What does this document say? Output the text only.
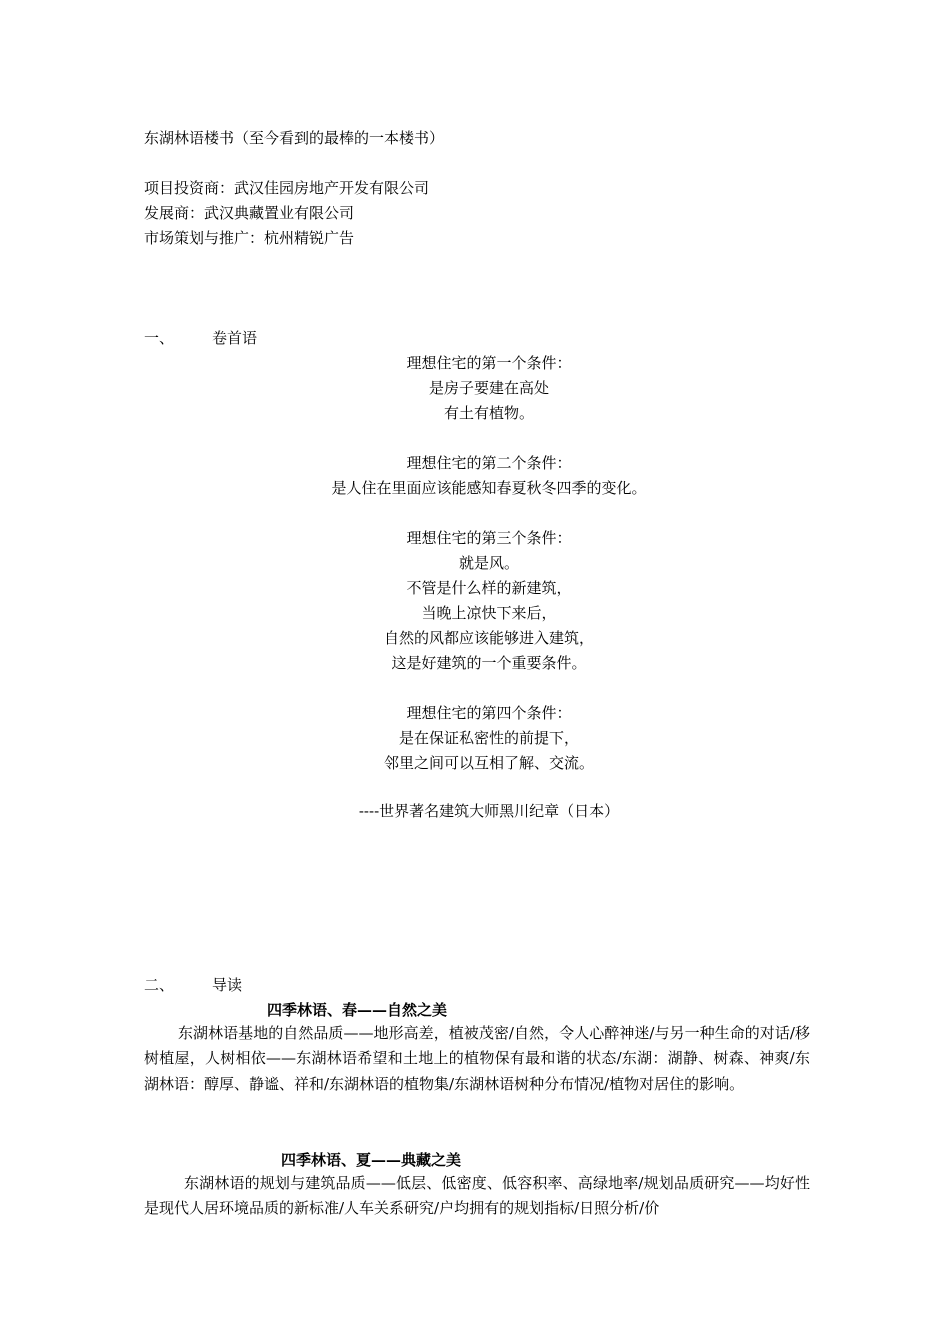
东湖林语楼书（至今看到的最棒的一本楼书）
项目投资商：武汉佳园房地产开发有限公司
发展商：武汉典藏置业有限公司
市场策划与推广：杭州精锐广告
一、	卷首语
理想住宅的第一个条件：
是房子要建在高处
有土有植物。
理想住宅的第二个条件：
是人住在里面应该能感知春夏秋冬四季的变化。
理想住宅的第三个条件：
就是风。
不管是什么样的新建筑，
当晚上凉快下来后，
自然的风都应该能够进入建筑，
这是好建筑的一个重要条件。
理想住宅的第四个条件：
是在保证私密性的前提下，
邻里之间可以互相了解、交流。
----世界著名建筑大师黑川纪章（日本）
二、	导读
四季林语、春——自然之美

东湖林语基地的自然品质——地形高差，植被茂密/自然，令人心醉神迷/与另一种生命的对话/移树植屋，人树相依——东湖林语希望和土地上的植物保有最和谐的状态/东湖：湖静、树森、神爽/东湖林语：醇厚、静谧、祥和/东湖林语的植物集/东湖林语树种分布情况/植物对居住的影响。

四季林语、夏——典藏之美

东湖林语的规划与建筑品质——低层、低密度、低容积率、高绿地率/规划品质研究——均好性是现代人居环境品质的新标准/人车关系研究/户均拥有的规划指标/日照分析/价
